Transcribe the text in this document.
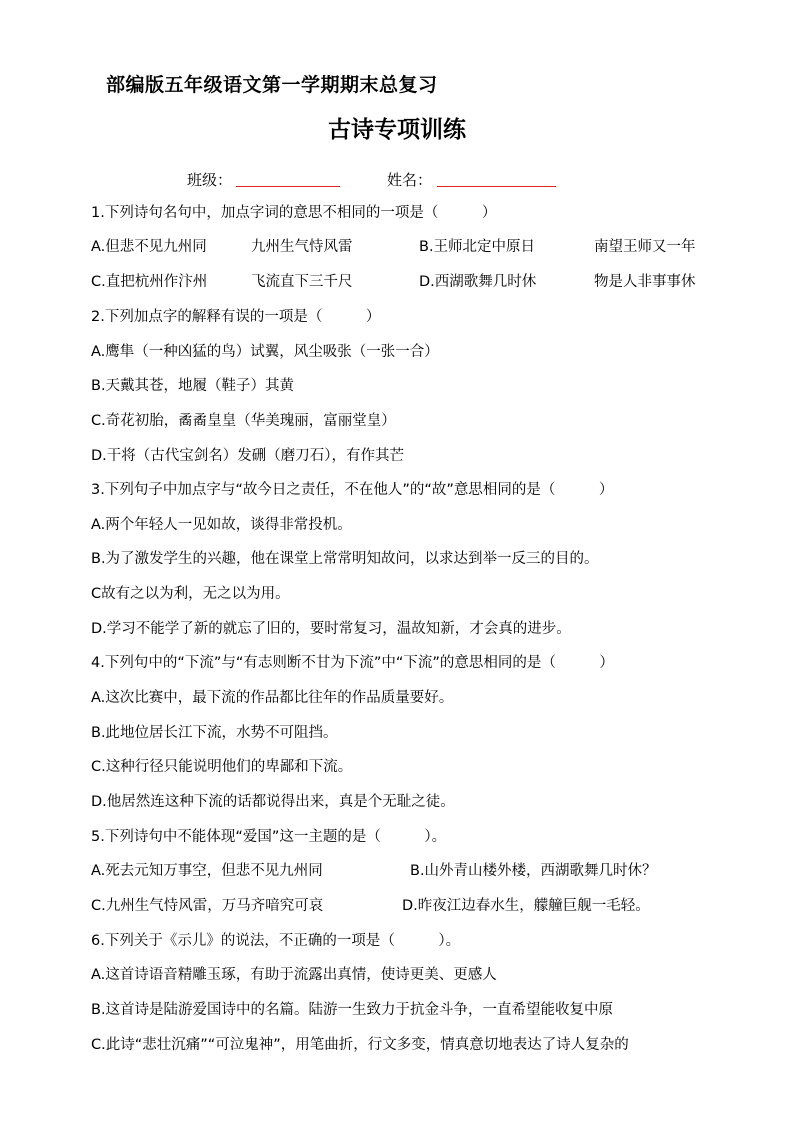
部编版五年级语文第一学期期末总复习
古诗专项训练
班级：	姓名：
1.下列诗句名句中，加点字词的意思不相同的一项是（　　　）
A.但悲不见九州同	九州生气恃风雷	B.王师北定中原日	南望王师又一年
C.直把杭州作汴州	飞流直下三千尺	D.西湖歌舞几时休	物是人非事事休
2.下列加点字的解释有误的一项是（　　　）
A.鹰隼（一种凶猛的鸟）试翼，风尘吸张（一张一合）
B.天戴其苍，地履（鞋子）其黄
C.奇花初胎，矞矞皇皇（华美瑰丽，富丽堂皇）
D.干将（古代宝剑名）发硎（磨刀石），有作其芒
3.下列句子中加点字与“故今日之责任，不在他人”的“故”意思相同的是（　　　）
A.两个年轻人一见如故，谈得非常投机。
B.为了激发学生的兴趣，他在课堂上常常明知故问，以求达到举一反三的目的。
C故有之以为利，无之以为用。
D.学习不能学了新的就忘了旧的，要时常复习，温故知新，才会真的进步。
4.下列句中的“下流”与“有志则断不甘为下流”中“下流”的意思相同的是（　　　）
A.这次比赛中，最下流的作品都比往年的作品质量要好。
B.此地位居长江下流，水势不可阻挡。
C.这种行径只能说明他们的卑鄙和下流。
D.他居然连这种下流的话都说得出来，真是个无耻之徒。
5.下列诗句中不能体现“爱国”这一主题的是（　　　）。
A.死去元知万事空，但悲不见九州同	B.山外青山楼外楼，西湖歌舞几时休？
C.九州生气恃风雷，万马齐喑究可哀	D.昨夜江边春水生，艨艟巨舰一毛轻。
6.下列关于《示儿》的说法，不正确的一项是（　　　）。
A.这首诗语音精雕玉琢，有助于流露出真情，使诗更美、更感人
B.这首诗是陆游爱国诗中的名篇。陆游一生致力于抗金斗争，一直希望能收复中原
C.此诗“悲壮沉痛”“可泣鬼神”，用笔曲折，行文多变，情真意切地表达了诗人复杂的
